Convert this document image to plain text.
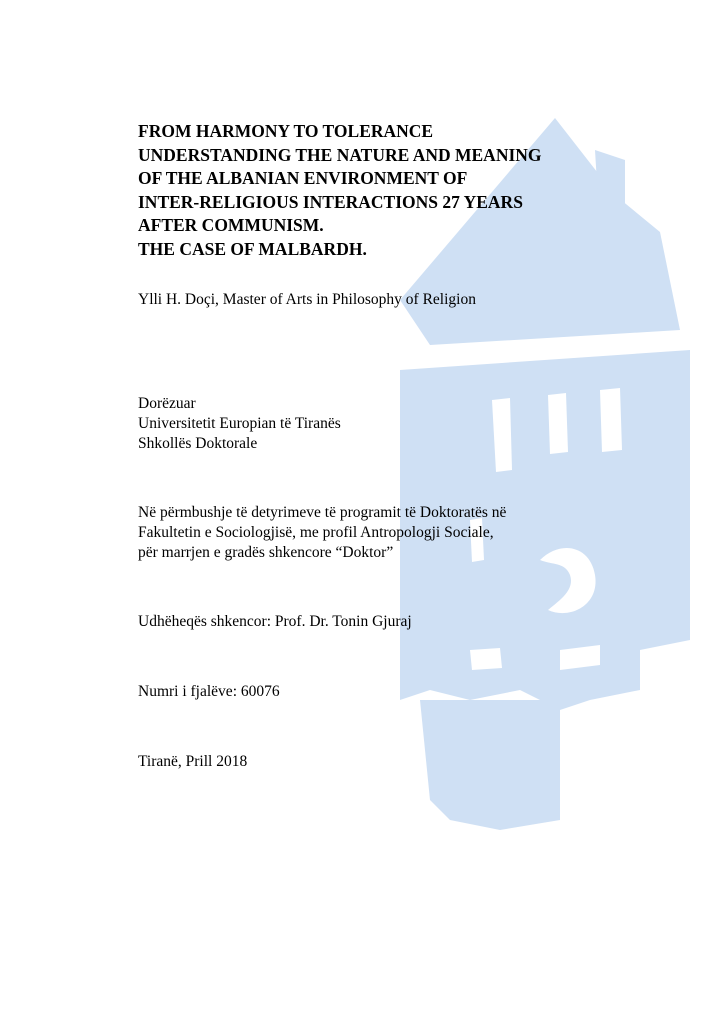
FROM HARMONY TO TOLERANCE
UNDERSTANDING THE NATURE AND MEANING
OF THE ALBANIAN ENVIRONMENT OF
INTER-RELIGIOUS INTERACTIONS 27 YEARS
AFTER COMMUNISM.
THE CASE OF MALBARDH.
Ylli H. Doçi, Master of Arts in Philosophy of Religion
Dorëzuar
Universitetit Europian të Tiranës
Shkollës Doktorale
Në përmbushje të detyrimeve të programit të Doktoratës në
Fakultetin e Sociologjisë, me profil Antropologji Sociale,
për marrjen e gradës shkencore “Doktor”
Udhëheqës shkencor: Prof. Dr. Tonin Gjuraj
Numri i fjalëve: 60076
Tiranë, Prill 2018
